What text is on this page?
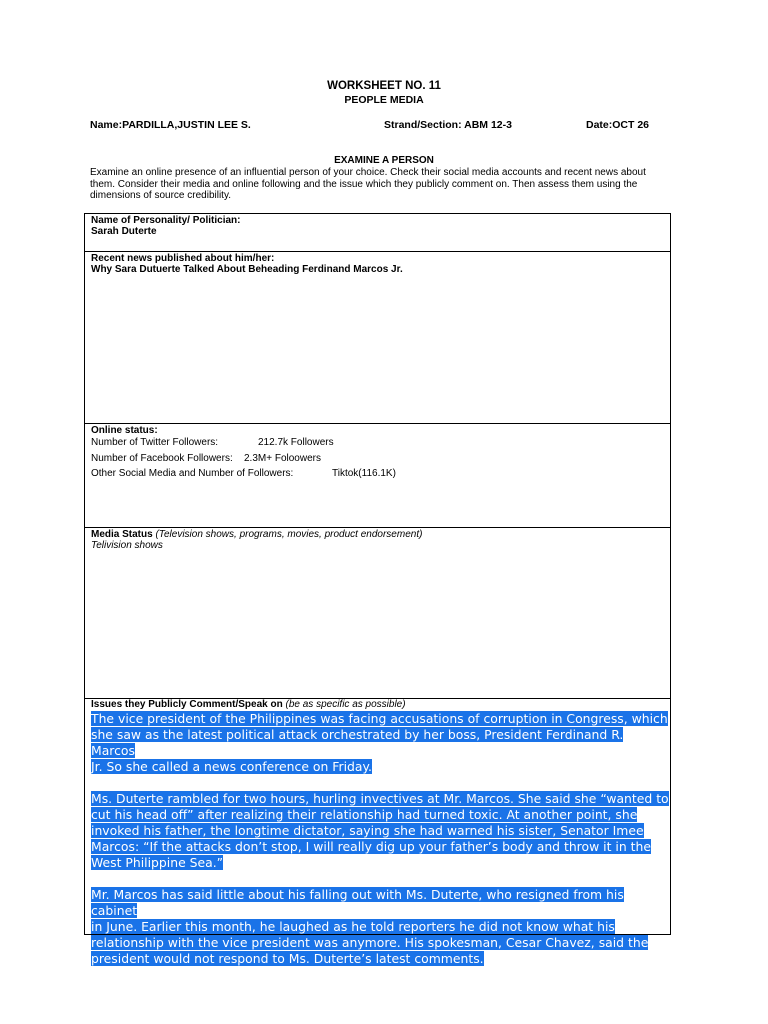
WORKSHEET NO. 11
PEOPLE MEDIA
Name:PARDILLA,JUSTIN LEE S.	Strand/Section: ABM 12-3	Date:OCT 26
EXAMINE A PERSON
Examine an online presence of an influential person of your choice. Check their social media accounts and recent news about them. Consider their media and online following and the issue which they publicly comment on. Then assess them using the dimensions of source credibility.
Name of Personality/ Politician:
Sarah Duterte
Recent news published about him/her:
Why Sara Dutuerte Talked About Beheading Ferdinand Marcos Jr.
Online status:
Number of Twitter Followers:	212.7k Followers
Number of Facebook Followers: 2.3M+ Foloowers
Other Social Media and Number of Followers:	Tiktok(116.1K)
Media Status (Television shows, programs, movies, product endorsement)
Telivision shows
Issues they Publicly Comment/Speak on (be as specific as possible)

The vice president of the Philippines was facing accusations of corruption in Congress, which
she saw as the latest political attack orchestrated by her boss, President Ferdinand R. Marcos
Jr. So she called a news conference on Friday.

Ms. Duterte rambled for two hours, hurling invectives at Mr. Marcos. She said she “wanted to
cut his head off” after realizing their relationship had turned toxic. At another point, she
invoked his father, the longtime dictator, saying she had warned his sister, Senator Imee
Marcos: “If the attacks don’t stop, I will really dig up your father’s body and throw it in the
West Philippine Sea.”

Mr. Marcos has said little about his falling out with Ms. Duterte, who resigned from his cabinet
in June. Earlier this month, he laughed as he told reporters he did not know what his
relationship with the vice president was anymore. His spokesman, Cesar Chavez, said the
president would not respond to Ms. Duterte’s latest comments.
